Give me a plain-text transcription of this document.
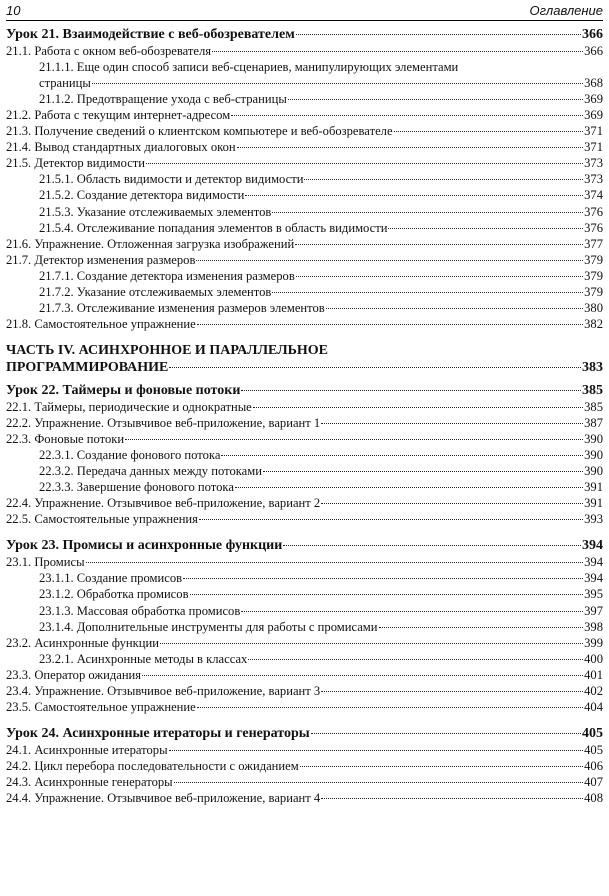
10	Оглавление
Урок 21. Взаимодействие с веб-обозревателем	366
21.1. Работа с окном веб-обозревателя	366
21.1.1. Еще один способ записи веб-сценариев, манипулирующих элементами
страницы	368
21.1.2. Предотвращение ухода с веб-страницы	369
21.2. Работа с текущим интернет-адресом	369
21.3. Получение сведений о клиентском компьютере и веб-обозревателе	371
21.4. Вывод стандартных диалоговых окон	371
21.5. Детектор видимости	373
21.5.1. Область видимости и детектор видимости	373
21.5.2. Создание детектора видимости	374
21.5.3. Указание отслеживаемых элементов	376
21.5.4. Отслеживание попадания элементов в область видимости	376
21.6. Упражнение. Отложенная загрузка изображений	377
21.7. Детектор изменения размеров	379
21.7.1. Создание детектора изменения размеров	379
21.7.2. Указание отслеживаемых элементов	379
21.7.3. Отслеживание изменения размеров элементов	380
21.8. Самостоятельное упражнение	382
ЧАСТЬ IV. АСИНХРОННОЕ И ПАРАЛЛЕЛЬНОЕ
ПРОГРАММИРОВАНИЕ	383
Урок 22. Таймеры и фоновые потоки	385
22.1. Таймеры, периодические и однократные	385
22.2. Упражнение. Отзывчивое веб-приложение, вариант 1	387
22.3. Фоновые потоки	390
22.3.1. Создание фонового потока	390
22.3.2. Передача данных между потоками	390
22.3.3. Завершение фонового потока	391
22.4. Упражнение. Отзывчивое веб-приложение, вариант 2	391
22.5. Самостоятельные упражнения	393
Урок 23. Промисы и асинхронные функции	394
23.1. Промисы	394
23.1.1. Создание промисов	394
23.1.2. Обработка промисов	395
23.1.3. Массовая обработка промисов	397
23.1.4. Дополнительные инструменты для работы с промисами	398
23.2. Асинхронные функции	399
23.2.1. Асинхронные методы в классах	400
23.3. Оператор ожидания	401
23.4. Упражнение. Отзывчивое веб-приложение, вариант 3	402
23.5. Самостоятельное упражнение	404
Урок 24. Асинхронные итераторы и генераторы	405
24.1. Асинхронные итераторы	405
24.2. Цикл перебора последовательности с ожиданием	406
24.3. Асинхронные генераторы	407
24.4. Упражнение. Отзывчивое веб-приложение, вариант 4	408
